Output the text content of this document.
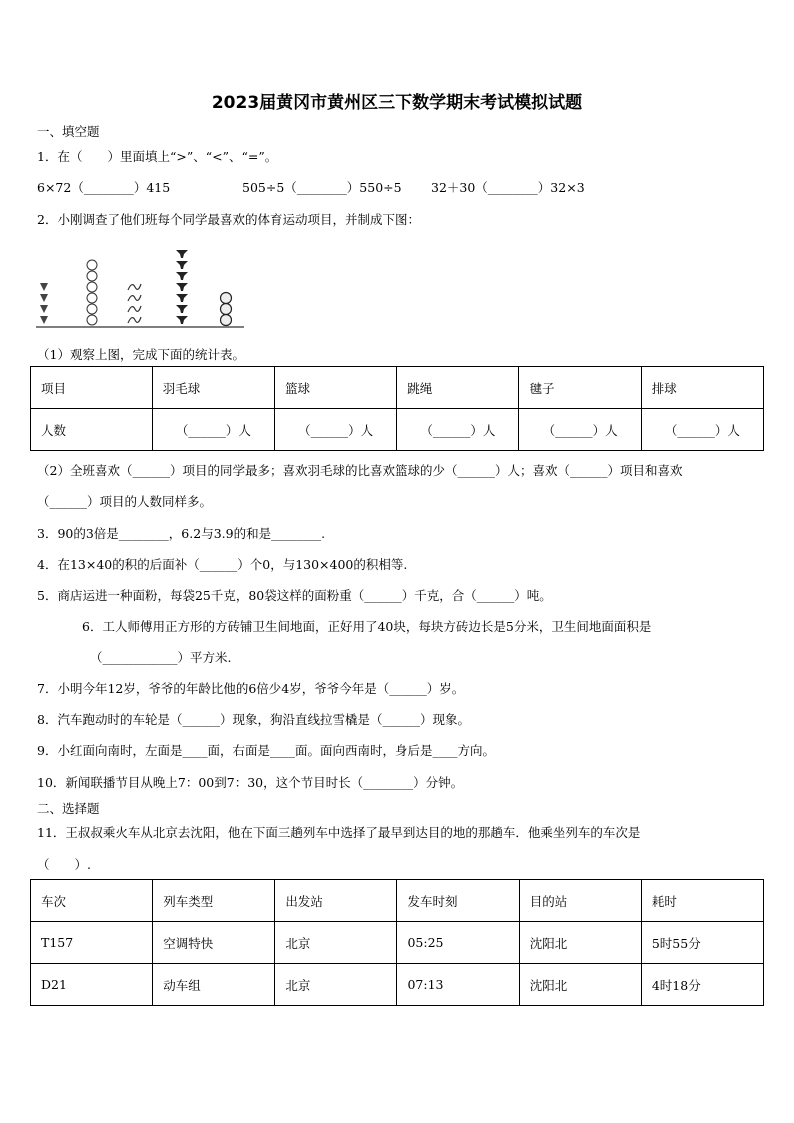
2023届黄冈市黄州区三下数学期末考试模拟试题
一、填空题
1．在（　　）里面填上“>”、“<”、“=”。
6×72（________）415	505÷5（________）550÷5 32＋30（________）32×3
2．小刚调查了他们班每个同学最喜欢的体育运动项目，并制成下图：
（1）观察上图，完成下面的统计表。
项目	羽毛球	篮球	跳绳	毽子	排球
人数	（______）人	（______）人	（______）人	（______）人	（______）人
（2）全班喜欢（______）项目的同学最多；喜欢羽毛球的比喜欢篮球的少（______）人；喜欢（______）项目和喜欢
（______）项目的人数同样多。
3．90的3倍是________，6.2与3.9的和是________.
4．在13×40的积的后面补（______）个0，与130×400的积相等.
5．商店运进一种面粉，每袋25千克，80袋这样的面粉重（______）千克，合（______）吨。
6．工人师傅用正方形的方砖铺卫生间地面，正好用了40块，每块方砖边长是5分米，卫生间地面面积是
（____________）平方米.
7．小明今年12岁，爷爷的年龄比他的6倍少4岁，爷爷今年是（______）岁。
8．汽车跑动时的车轮是（______）现象，狗沿直线拉雪橇是（______）现象。
9．小红面向南时，左面是____面，右面是____面。面向西南时，身后是____方向。
10．新闻联播节目从晚上7：00到7：30，这个节目时长（________）分钟。
二、选择题
11．王叔叔乘火车从北京去沈阳，他在下面三趟列车中选择了最早到达目的地的那趟车．他乘坐列车的车次是
（　　）.
车次	列车类型	出发站	发车时刻	目的站	耗时
T157	空调特快	北京	05:25	沈阳北	5时55分
D21	动车组	北京	07:13	沈阳北	4时18分
